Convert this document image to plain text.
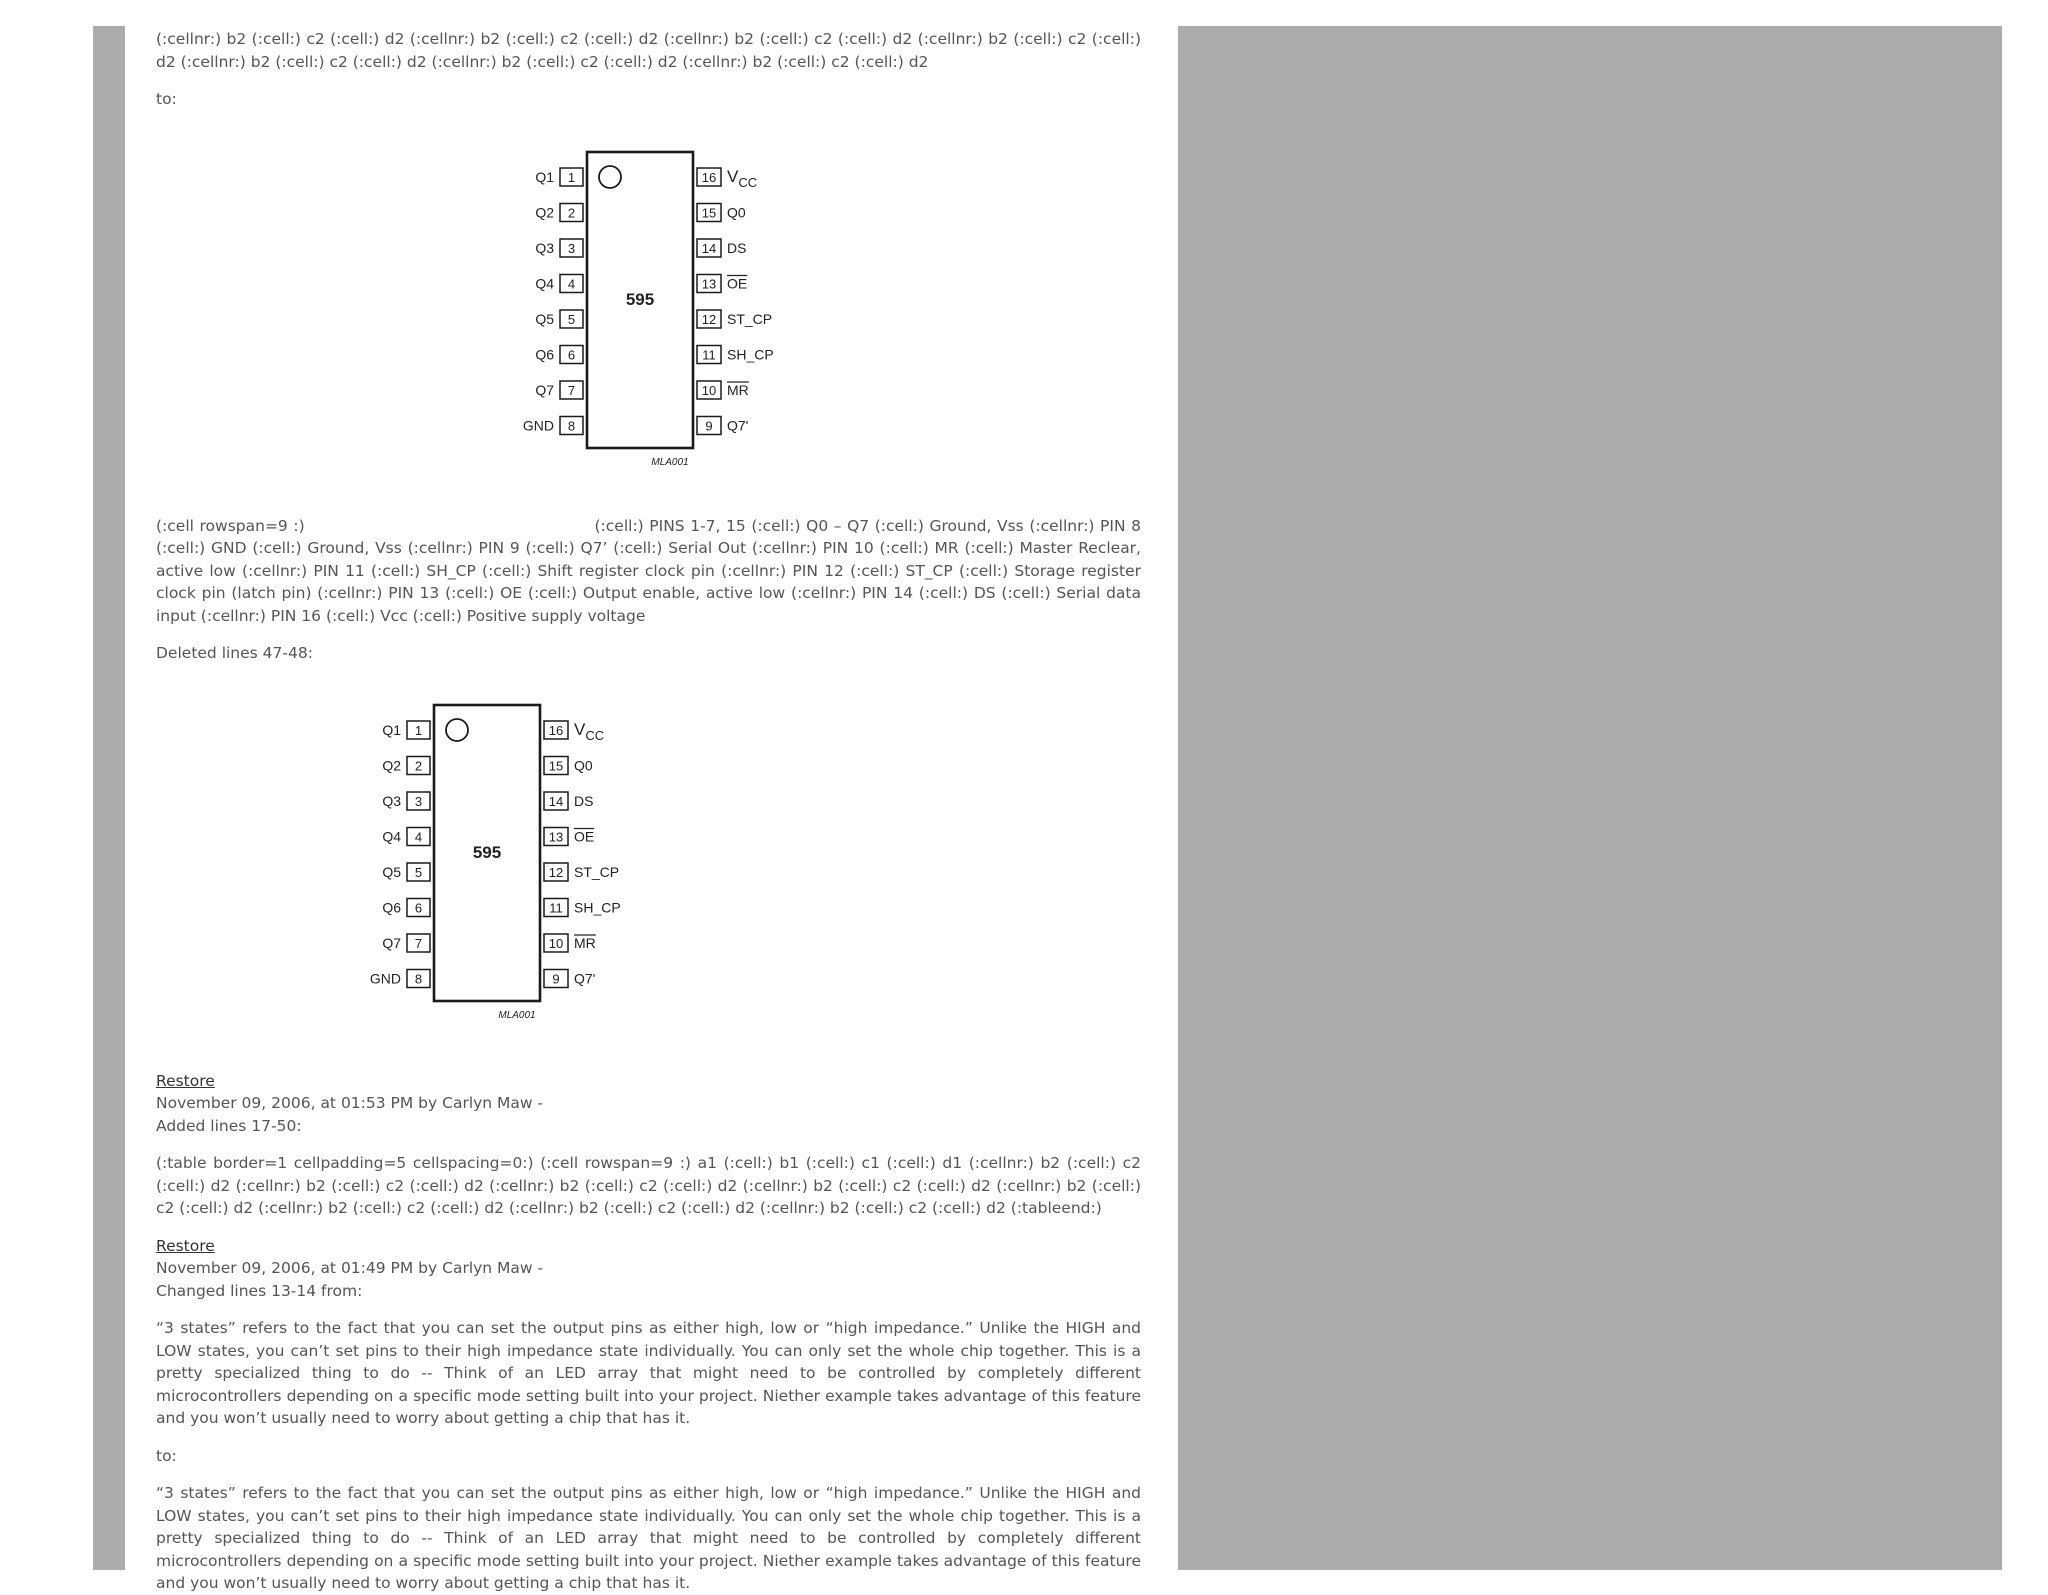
(:cellnr:) b2 (:cell:) c2 (:cell:) d2 (:cellnr:) b2 (:cell:) c2 (:cell:) d2 (:cellnr:) b2 (:cell:) c2 (:cell:) d2 (:cellnr:) b2 (:cell:) c2 (:cell:) d2 (:cellnr:) b2 (:cell:) c2 (:cell:) d2 (:cellnr:) b2 (:cell:) c2 (:cell:) d2 (:cellnr:) b2 (:cell:) c2 (:cell:) d2

to:

595
MLA001
1
Q1
2
Q2
3
Q3
4
Q4
5
Q5
6
Q6
7
Q7
8
GND
16 $V_{CC}$
15 Q0
14 DS
13 OE
12 ST_CP
11 SH_CP
10 MR
9 Q7'

(:cell rowspan=9 :)                                                    (:cell:) PINS 1-7, 15 (:cell:) Q0 – Q7 (:cell:) Ground, Vss (:cellnr:) PIN 8 (:cell:) GND (:cell:) Ground, Vss (:cellnr:) PIN 9 (:cell:) Q7’ (:cell:) Serial Out (:cellnr:) PIN 10 (:cell:) MR (:cell:) Master Reclear, active low (:cellnr:) PIN 11 (:cell:) SH_CP (:cell:) Shift register clock pin (:cellnr:) PIN 12 (:cell:) ST_CP (:cell:) Storage register clock pin (latch pin) (:cellnr:) PIN 13 (:cell:) OE (:cell:) Output enable, active low (:cellnr:) PIN 14 (:cell:) DS (:cell:) Serial data input (:cellnr:) PIN 16 (:cell:) Vcc (:cell:) Positive supply voltage

Deleted lines 47-48:

595
MLA001
1
Q1
2
Q2
3
Q3
4
Q4
5
Q5
6
Q6
7
Q7
8
GND
16 $V_{CC}$
15 Q0
14 DS
13 OE
12 ST_CP
11 SH_CP
10 MR
9 Q7'

Restore

November 09, 2006, at 01:53 PM by Carlyn Maw -

Added lines 17-50:

(:table border=1 cellpadding=5 cellspacing=0:) (:cell rowspan=9 :) a1 (:cell:) b1 (:cell:) c1 (:cell:) d1 (:cellnr:) b2 (:cell:) c2 (:cell:) d2 (:cellnr:) b2 (:cell:) c2 (:cell:) d2 (:cellnr:) b2 (:cell:) c2 (:cell:) d2 (:cellnr:) b2 (:cell:) c2 (:cell:) d2 (:cellnr:) b2 (:cell:) c2 (:cell:) d2 (:cellnr:) b2 (:cell:) c2 (:cell:) d2 (:cellnr:) b2 (:cell:) c2 (:cell:) d2 (:cellnr:) b2 (:cell:) c2 (:cell:) d2 (:tableend:)

Restore

November 09, 2006, at 01:49 PM by Carlyn Maw -

Changed lines 13-14 from:

“3 states” refers to the fact that you can set the output pins as either high, low or “high impedance.” Unlike the HIGH and LOW states, you can’t set pins to their high impedance state individually. You can only set the whole chip together. This is a pretty specialized thing to do -- Think of an LED array that might need to be controlled by completely different microcontrollers depending on a specific mode setting built into your project. Niether example takes advantage of this feature and you won’t usually need to worry about getting a chip that has it.

to:

“3 states” refers to the fact that you can set the output pins as either high, low or “high impedance.” Unlike the HIGH and LOW states, you can’t set pins to their high impedance state individually. You can only set the whole chip together. This is a pretty specialized thing to do -- Think of an LED array that might need to be controlled by completely different microcontrollers depending on a specific mode setting built into your project. Niether example takes advantage of this feature and you won’t usually need to worry about getting a chip that has it.
